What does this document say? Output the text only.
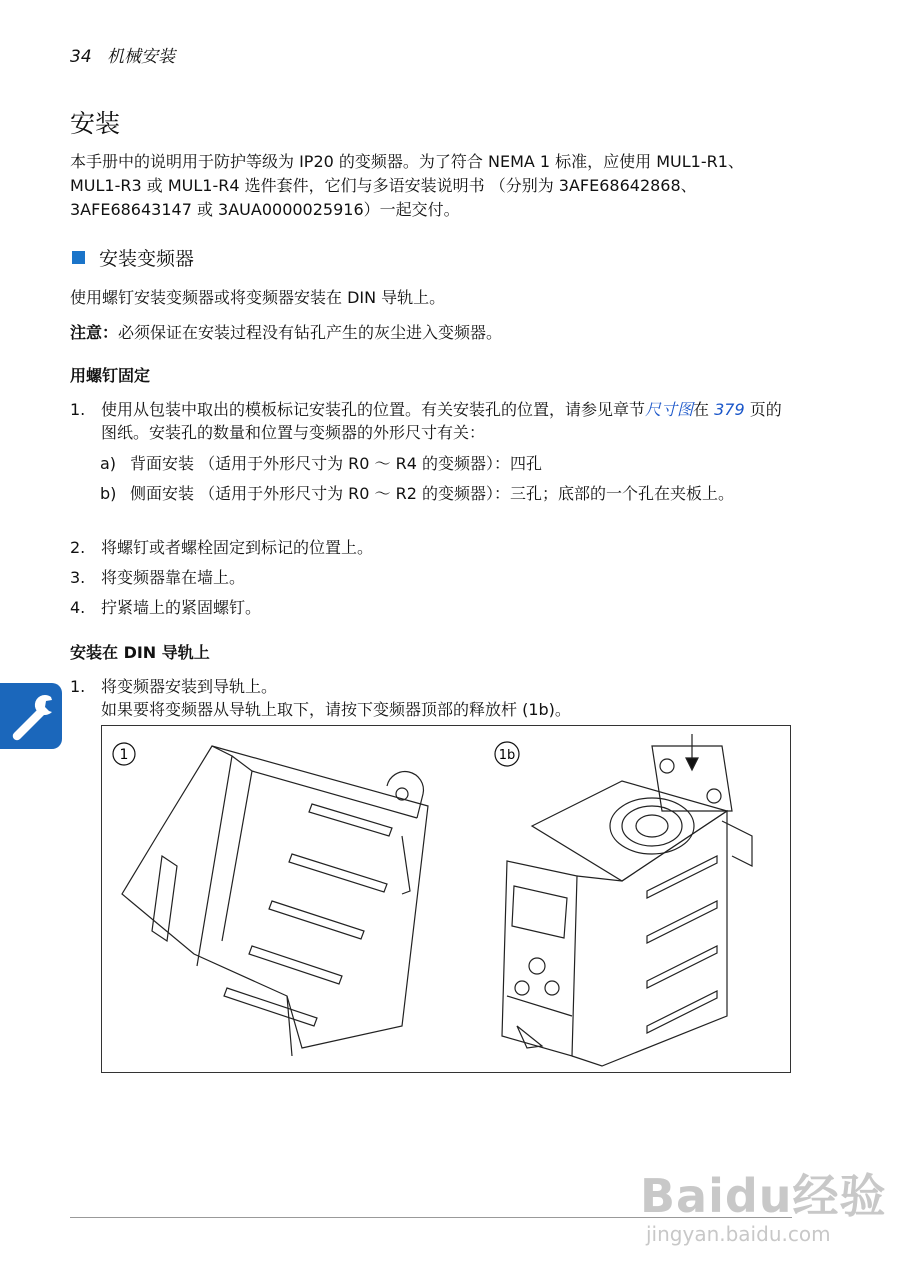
34 机械安装
安装

本手册中的说明用于防护等级为 IP20 的变频器。为了符合 NEMA 1 标准，应使用 MUL1-R1、 MUL1-R3 或 MUL1-R4 选件套件，它们与多语安装说明书 （分别为 3AFE68642868、 3AFE68643147 或 3AUA0000025916）一起交付。

安装变频器

使用螺钉安装变频器或将变频器安装在 DIN 导轨上。

注意：必须保证在安装过程没有钻孔产生的灰尘进入变频器。

用螺钉固定

1. 使用从包装中取出的模板标记安装孔的位置。有关安装孔的位置，请参见章节尺寸图在 379 页的图纸。安装孔的数量和位置与变频器的外形尺寸有关：
a) 背面安装 （适用于外形尺寸为 R0 ～ R4 的变频器）：四孔
b) 侧面安装 （适用于外形尺寸为 R0 ～ R2 的变频器）：三孔；底部的一个孔在夹板上。
2. 将螺钉或者螺栓固定到标记的位置上。
3. 将变频器靠在墙上。
4. 拧紧墙上的紧固螺钉。

安装在 DIN 导轨上

1. 将变频器安装到导轨上。
如果要将变频器从导轨上取下，请按下变频器顶部的释放杆 (1b)。
1	1b
Baidu经验
jingyan.baidu.com
